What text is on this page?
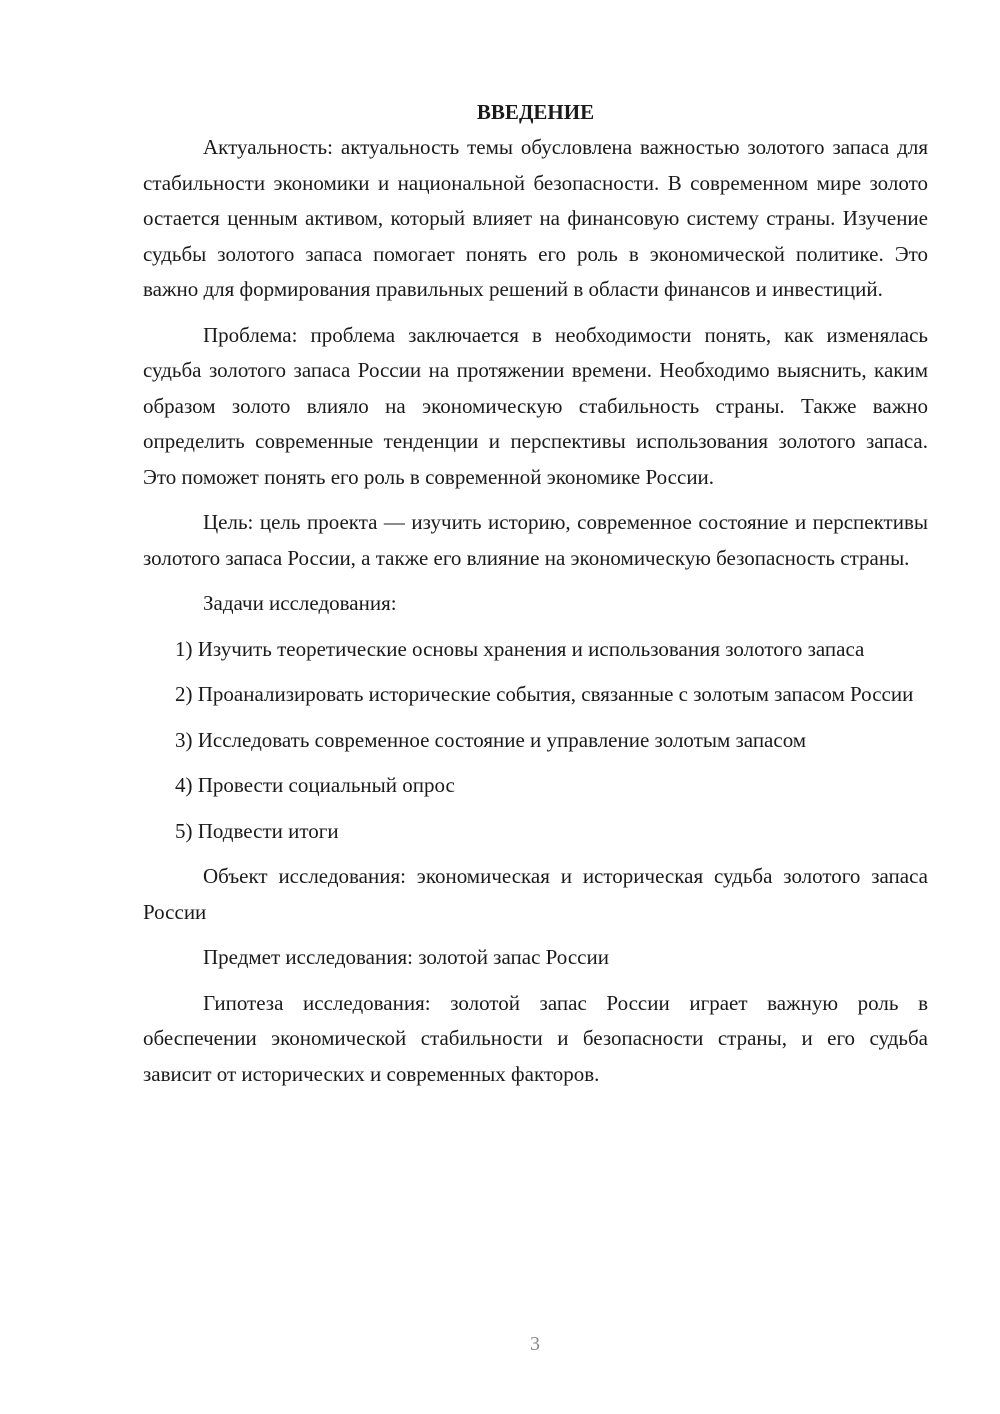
ВВЕДЕНИЕ

Актуальность: актуальность темы обусловлена важностью золотого запаса для стабильности экономики и национальной безопасности. В современном мире золото остается ценным активом, который влияет на финансовую систему страны. Изучение судьбы золотого запаса помогает понять его роль в экономической политике. Это важно для формирования правильных решений в области финансов и инвестиций.

Проблема: проблема заключается в необходимости понять, как изменялась судьба золотого запаса России на протяжении времени. Необходимо выяснить, каким образом золото влияло на экономическую стабильность страны. Также важно определить современные тенденции и перспективы использования золотого запаса. Это поможет понять его роль в современной экономике России.

Цель: цель проекта — изучить историю, современное состояние и перспективы золотого запаса России, а также его влияние на экономическую безопасность страны.

Задачи исследования:

1) Изучить теоретические основы хранения и использования золотого запаса

2) Проанализировать исторические события, связанные с золотым запасом России

3) Исследовать современное состояние и управление золотым запасом

4) Провести социальный опрос

5) Подвести итоги

Объект исследования: экономическая и историческая судьба золотого запаса России

Предмет исследования: золотой запас России

Гипотеза исследования: золотой запас России играет важную роль в обеспечении экономической стабильности и безопасности страны, и его судьба зависит от исторических и современных факторов.

3
